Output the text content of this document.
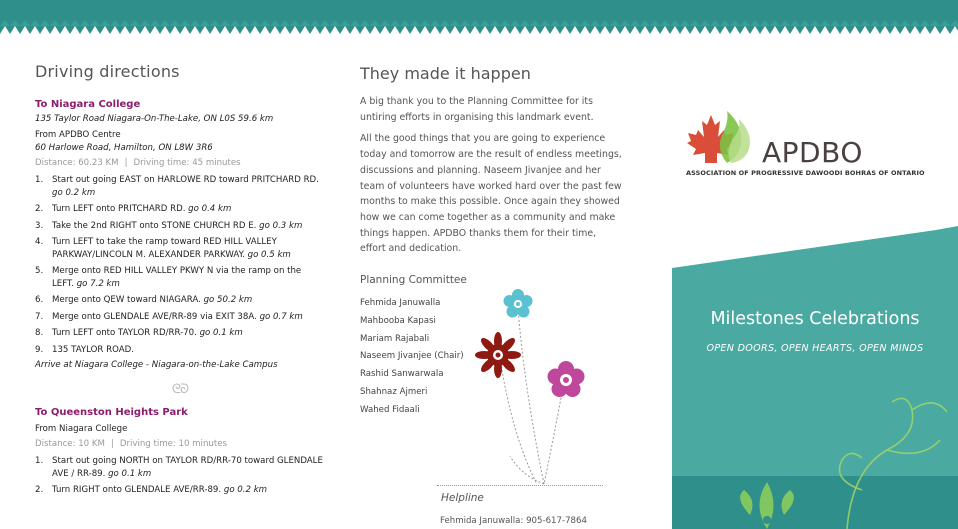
Driving directions
To Niagara College
135 Taylor Road Niagara-On-The-Lake, ON L0S 59.6 km
From APDBO Centre
60 Harlowe Road, Hamilton, ON L8W 3R6
Distance: 60.23 KM | Driving time: 45 minutes
1. Start out going EAST on HARLOWE RD toward PRITCHARD RD. go 0.2 km
2. Turn LEFT onto PRITCHARD RD. go 0.4 km
3. Take the 2nd RIGHT onto STONE CHURCH RD E. go 0.3 km
4. Turn LEFT to take the ramp toward RED HILL VALLEY PARKWAY/LINCOLN M. ALEXANDER PARKWAY. go 0.5 km
5. Merge onto RED HILL VALLEY PKWY N via the ramp on the LEFT. go 7.2 km
6. Merge onto QEW toward NIAGARA. go 50.2 km
7. Merge onto GLENDALE AVE/RR-89 via EXIT 38A. go 0.7 km
8. Turn LEFT onto TAYLOR RD/RR-70. go 0.1 km
9. 135 TAYLOR ROAD.
Arrive at Niagara College - Niagara-on-the-Lake Campus
ᘓᘐ
To Queenston Heights Park
From Niagara College
Distance: 10 KM | Driving time: 10 minutes
1. Start out going NORTH on TAYLOR RD/RR-70 toward GLENDALE AVE / RR-89. go 0.1 km
2. Turn RIGHT onto GLENDALE AVE/RR-89. go 0.2 km
They made it happen

A big thank you to the Planning Committee for its untiring efforts in organising this landmark event.

All the good things that you are going to experience today and tomorrow are the result of endless meetings, discussions and planning. Naseem Jivanjee and her team of volunteers have worked hard over the past few months to make this possible. Once again they showed how we can come together as a community and make things happen. APDBO thanks them for their time, effort and dedication.

Planning Committee
Fehmida Januwalla
Mahbooba Kapasi
Mariam Rajabali
Naseem Jivanjee (Chair)
Rashid Sanwarwala
Shahnaz Ajmeri
Wahed Fidaali
Helpline
Fehmida Januwalla: 905-617-7864
APDBO
ASSOCIATION OF PROGRESSIVE DAWOODI BOHRAS OF ONTARIO
Milestones Celebrations
OPEN DOORS, OPEN HEARTS, OPEN MINDS
